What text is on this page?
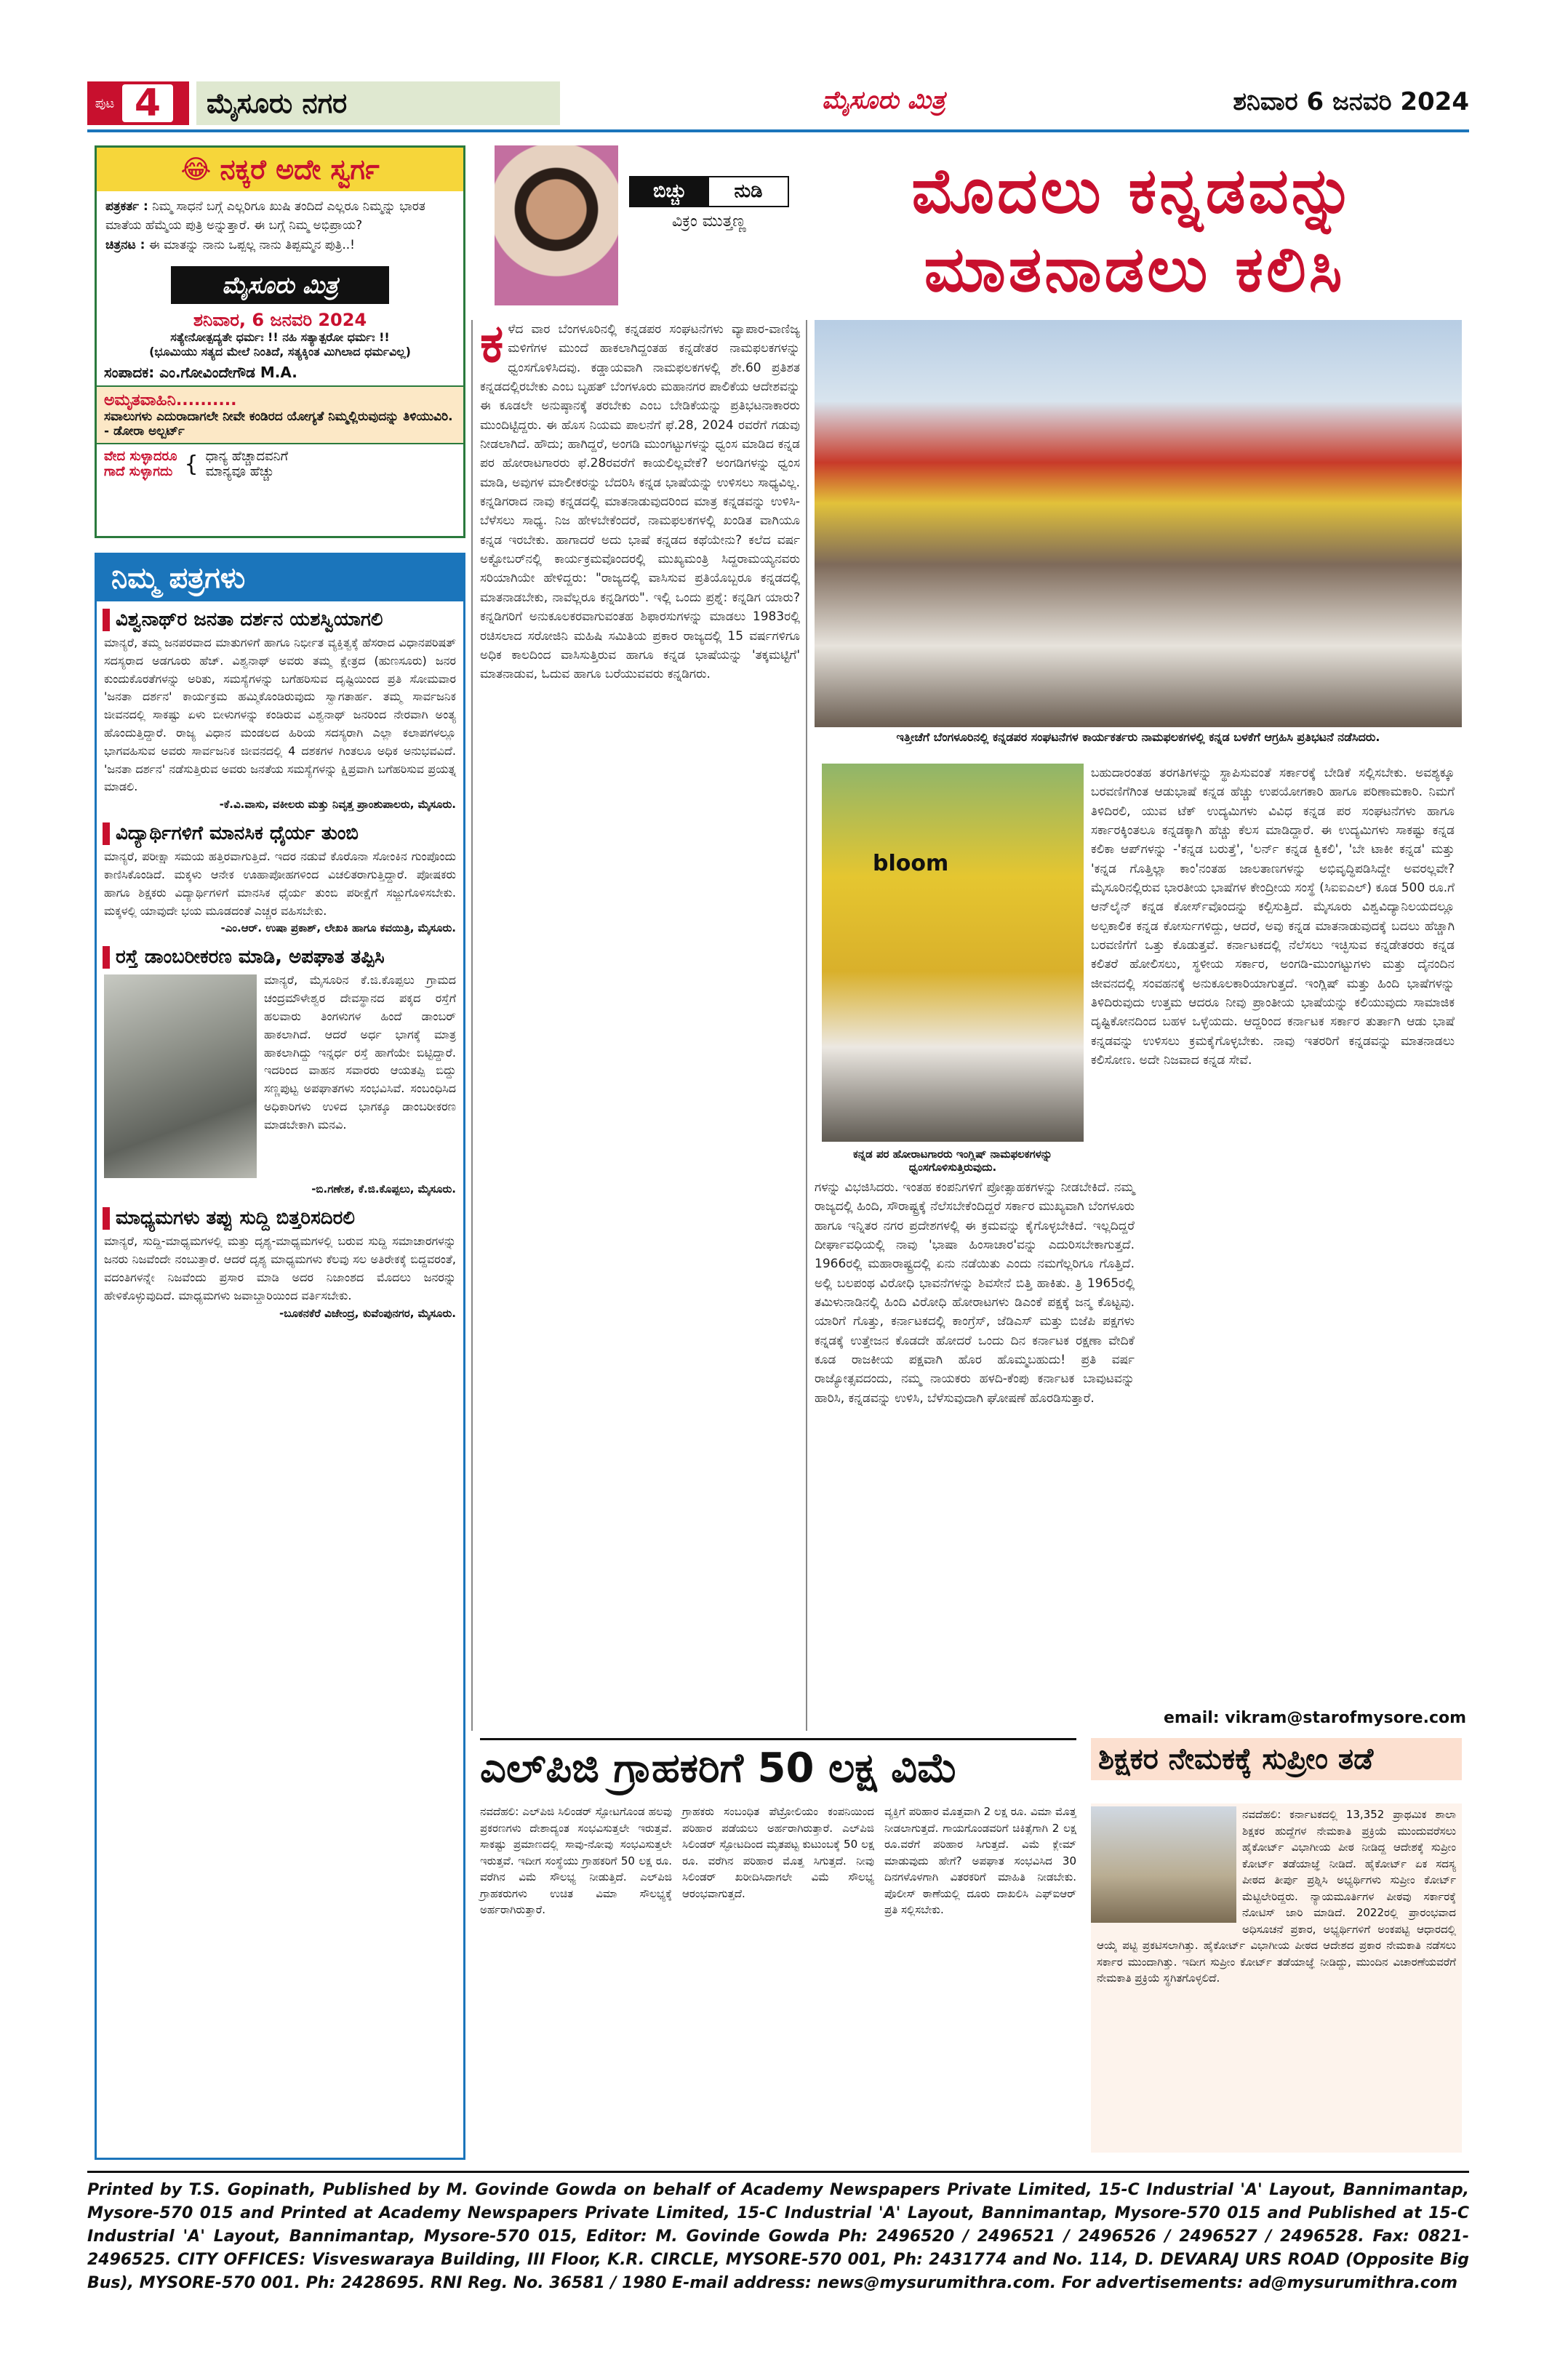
ಪುಟ 4	ಮೈಸೂರು ನಗರ	ಮೈಸೂರು ಮಿತ್ರ	ಶನಿವಾರ 6 ಜನವರಿ 2024
😂 ನಕ್ಕರೆ ಅದೇ ಸ್ವರ್ಗ

ಪತ್ರಕರ್ತ : ನಿಮ್ಮ ಸಾಧನೆ ಬಗ್ಗೆ ಎಲ್ಲರಿಗೂ ಖುಷಿ ತಂದಿದೆ ಎಲ್ಲರೂ ನಿಮ್ಮನ್ನು ಭಾರತ ಮಾತೆಯ ಹೆಮ್ಮೆಯ ಪುತ್ರಿ ಅನ್ನುತ್ತಾರೆ. ಈ ಬಗ್ಗೆ ನಿಮ್ಮ ಅಭಿಪ್ರಾಯ?

ಚಿತ್ರನಟ : ಈ ಮಾತನ್ನು ನಾನು ಒಪ್ಪಲ್ಲ ನಾನು ತಿಪ್ಪಮ್ಮನ ಪುತ್ರಿ..!

ಮೈಸೂರು ಮಿತ್ರ
ಶನಿವಾರ, 6 ಜನವರಿ 2024
ಸತ್ಯೇನೋತ್ಪದ್ಯತೇ ಧರ್ಮಃ !! ನಹಿ ಸತ್ಯಾತ್ಪರೋ ಧರ್ಮಃ !!
(ಭೂಮಿಯು ಸತ್ಯದ ಮೇಲೆ ನಿಂತಿದೆ, ಸತ್ಯಕ್ಕಿಂತ ಮಿಗಿಲಾದ ಧರ್ಮವಿಲ್ಲ)
ಸಂಪಾದಕ: ಎಂ.ಗೋವಿಂದೇಗೌಡ M.A.
ಅಮೃತವಾಹಿನಿ..........
ಸವಾಲುಗಳು ಎದುರಾದಾಗಲೇ ನೀವೇ ಕಂಡಿರದ ಯೋಗ್ಯತೆ ನಿಮ್ಮಲ್ಲಿರುವುದನ್ನು ತಿಳಿಯುವಿರಿ. - ಡೋರಾ ಅಲ್ಬರ್ಟ್
ವೇದ ಸುಳ್ಳಾದರೂ
ಗಾದೆ ಸುಳ್ಳಾಗದು { ಧಾನ್ಯ ಹೆಚ್ಚಾದವನಿಗೆ
ಮಾನ್ಯವೂ ಹೆಚ್ಚು
ನಿಮ್ಮ ಪತ್ರಗಳು
ವಿಶ್ವನಾಥ್‌ರ ಜನತಾ ದರ್ಶನ ಯಶಸ್ವಿಯಾಗಲಿ
ಮಾನ್ಯರೆ, ತಮ್ಮ ಜನಪರವಾದ ಮಾತುಗಳಿಗೆ ಹಾಗೂ ನಿರ್ಭೀತ ವ್ಯಕ್ತಿತ್ವಕ್ಕೆ ಹೆಸರಾದ ವಿಧಾನಪರಿಷತ್ ಸದಸ್ಯರಾದ ಅಡಗೂರು ಹೆಚ್. ವಿಶ್ವನಾಥ್ ಅವರು ತಮ್ಮ ಕ್ಷೇತ್ರದ (ಹುಣಸೂರು) ಜನರ ಕುಂದುಕೊರತೆಗಳನ್ನು ಅರಿತು, ಸಮಸ್ಯೆಗಳನ್ನು ಬಗೆಹರಿಸುವ ದೃಷ್ಟಿಯಿಂದ ಪ್ರತಿ ಸೋಮವಾರ 'ಜನತಾ ದರ್ಶನ' ಕಾರ್ಯಕ್ರಮ ಹಮ್ಮಿಕೊಂಡಿರುವುದು ಸ್ವಾಗತಾರ್ಹ. ತಮ್ಮ ಸಾರ್ವಜನಿಕ ಜೀವನದಲ್ಲಿ ಸಾಕಷ್ಟು ಏಳು ಬೀಳುಗಳನ್ನು ಕಂಡಿರುವ ವಿಶ್ವನಾಥ್ ಜನರಿಂದ ನೇರವಾಗಿ ಅಂತ್ಯ ಹೊಂದುತ್ತಿದ್ದಾರೆ. ರಾಜ್ಯ ವಿಧಾನ ಮಂಡಲದ ಹಿರಿಯ ಸದಸ್ಯರಾಗಿ ಎಲ್ಲಾ ಕಲಾಪಗಳಲ್ಲೂ ಭಾಗವಹಿಸುವ ಅವರು ಸಾರ್ವಜನಿಕ ಜೀವನದಲ್ಲಿ 4 ದಶಕಗಳ ಗಿಂತಲೂ ಅಧಿಕ ಅನುಭವವಿದೆ. 'ಜನತಾ ದರ್ಶನ' ನಡೆಸುತ್ತಿರುವ ಅವರು ಜನತೆಯ ಸಮಸ್ಯೆಗಳನ್ನು ಕ್ಷಿಪ್ರವಾಗಿ ಬಗೆಹರಿಸುವ ಪ್ರಯತ್ನ ಮಾಡಲಿ.
-ಕೆ.ವಿ.ವಾಸು, ವಕೀಲರು ಮತ್ತು ನಿವೃತ್ತ ಪ್ರಾಂಶುಪಾಲರು, ಮೈಸೂರು.
ವಿದ್ಯಾರ್ಥಿಗಳಿಗೆ ಮಾನಸಿಕ ಧೈರ್ಯ ತುಂಬಿ
ಮಾನ್ಯರೆ, ಪರೀಕ್ಷಾ ಸಮಯ ಹತ್ತಿರವಾಗುತ್ತಿದೆ. ಇದರ ನಡುವೆ ಕೊರೊನಾ ಸೋಂಕಿನ ಗುಂಪೊಂದು ಕಾಣಿಸಿಕೊಂಡಿದೆ. ಮಕ್ಕಳು ಆನೇಕ ಊಹಾಪೋಹಗಳಿಂದ ವಿಚಲಿತರಾಗುತ್ತಿದ್ದಾರೆ. ಪೋಷಕರು ಹಾಗೂ ಶಿಕ್ಷಕರು ವಿದ್ಯಾರ್ಥಿಗಳಿಗೆ ಮಾನಸಿಕ ಧೈರ್ಯ ತುಂಬಿ ಪರೀಕ್ಷೆಗೆ ಸಜ್ಜುಗೊಳಿಸಬೇಕು. ಮಕ್ಕಳಲ್ಲಿ ಯಾವುದೇ ಭಯ ಮೂಡದಂತೆ ಎಚ್ಚರ ವಹಿಸಬೇಕು.
-ಎಂ.ಆರ್. ಉಷಾ ಪ್ರಕಾಶ್, ಲೇಖಕಿ ಹಾಗೂ ಕವಯಿತ್ರಿ, ಮೈಸೂರು.
ರಸ್ತೆ ಡಾಂಬರೀಕರಣ ಮಾಡಿ, ಅಪಘಾತ ತಪ್ಪಿಸಿ
ಮಾನ್ಯರೆ, ಮೈಸೂರಿನ ಕೆ.ಜಿ.ಕೊಪ್ಪಲು ಗ್ರಾಮದ ಚಂದ್ರಮೌಳೇಶ್ವರ ದೇವಸ್ಥಾನದ ಪಕ್ಕದ ರಸ್ತೆಗೆ ಹಲವಾರು ತಿಂಗಳುಗಳ ಹಿಂದೆ ಡಾಂಬರ್ ಹಾಕಲಾಗಿದೆ. ಆದರೆ ಅರ್ಧ ಭಾಗಕ್ಕೆ ಮಾತ್ರ ಹಾಕಲಾಗಿದ್ದು ಇನ್ನರ್ಧ ರಸ್ತೆ ಹಾಗೆಯೇ ಬಿಟ್ಟಿದ್ದಾರೆ. ಇದರಿಂದ ವಾಹನ ಸವಾರರು ಆಯತಪ್ಪಿ ಬಿದ್ದು ಸಣ್ಣಪುಟ್ಟ ಅಪಘಾತಗಳು ಸಂಭವಿಸಿವೆ. ಸಂಬಂಧಿಸಿದ ಅಧಿಕಾರಿಗಳು ಉಳಿದ ಭಾಗಕ್ಕೂ ಡಾಂಬರೀಕರಣ ಮಾಡಬೇಕಾಗಿ ಮನವಿ.
-ಬಿ.ಗಣೇಶ, ಕೆ.ಜಿ.ಕೊಪ್ಪಲು, ಮೈಸೂರು.
ಮಾಧ್ಯಮಗಳು ತಪ್ಪು ಸುದ್ದಿ ಬಿತ್ತರಿಸದಿರಲಿ
ಮಾನ್ಯರೆ, ಸುದ್ದಿ-ಮಾಧ್ಯಮಗಳಲ್ಲಿ ಮತ್ತು ದೃಶ್ಯ-ಮಾಧ್ಯಮಗಳಲ್ಲಿ ಬರುವ ಸುದ್ದಿ ಸಮಾಚಾರಗಳನ್ನು ಜನರು ನಿಜವೆಂದೇ ನಂಬುತ್ತಾರೆ. ಆದರೆ ದೃಶ್ಯ ಮಾಧ್ಯಮಗಳು ಕೆಲವು ಸಲ ಅತಿರೇಕಕ್ಕೆ ಬಿದ್ದವರಂತೆ, ವದಂತಿಗಳನ್ನೇ ನಿಜವೆಂದು ಪ್ರಸಾರ ಮಾಡಿ ಅದರ ನಿಜಾಂಶದ ಮೊದಲು ಜನರನ್ನು ಹೇಳಿಕೊಳ್ಳುವುದಿದೆ. ಮಾಧ್ಯಮಗಳು ಜವಾಬ್ದಾರಿಯಿಂದ ವರ್ತಿಸಬೇಕು.
-ಬೂಕನಕೆರೆ ವಿಜೇಂದ್ರ, ಕುವೆಂಪುನಗರ, ಮೈಸೂರು.
ಬಿಚ್ಚು	ನುಡಿ
ವಿಕ್ರಂ ಮುತ್ತಣ್ಣ	ಮೊದಲು ಕನ್ನಡವನ್ನು ಮಾತನಾಡಲು ಕಲಿಸಿ
ಇತ್ತೀಚೆಗೆ ಬೆಂಗಳೂರಿನಲ್ಲಿ ಕನ್ನಡಪರ ಸಂಘಟನೆಗಳ ಕಾರ್ಯಕರ್ತರು ನಾಮಫಲಕಗಳಲ್ಲಿ ಕನ್ನಡ ಬಳಕೆಗೆ ಆಗ್ರಹಿಸಿ ಪ್ರತಿಭಟನೆ ನಡೆಸಿದರು.
bloom
ಕನ್ನಡ ಪರ ಹೋರಾಟಗಾರರು ಇಂಗ್ಲಿಷ್ ನಾಮಫಲಕಗಳನ್ನು ಧ್ವಂಸಗೊಳಿಸುತ್ತಿರುವುದು.
ಕ ಳೆದ ವಾರ ಬೆಂಗಳೂರಿನಲ್ಲಿ ಕನ್ನಡಪರ ಸಂಘಟನೆಗಳು ವ್ಯಾಪಾರ-ವಾಣಿಜ್ಯ ಮಳಿಗೆಗಳ ಮುಂದೆ ಹಾಕಲಾಗಿದ್ದಂತಹ ಕನ್ನಡೇತರ ನಾಮಫಲಕಗಳನ್ನು ಧ್ವಂಸಗೊಳಿಸಿದವು. ಕಡ್ಡಾಯವಾಗಿ ನಾಮಫಲಕಗಳಲ್ಲಿ ಶೇ.60 ಪ್ರತಿಶತ ಕನ್ನಡದಲ್ಲಿರಬೇಕು ಎಂಬ ಬೃಹತ್ ಬೆಂಗಳೂರು ಮಹಾನಗರ ಪಾಲಿಕೆಯ ಆದೇಶವನ್ನು ಈ ಕೂಡಲೇ ಅನುಷ್ಠಾನಕ್ಕೆ ತರಬೇಕು ಎಂಬ ಬೇಡಿಕೆಯನ್ನು ಪ್ರತಿಭಟನಾಕಾರರು ಮುಂದಿಟ್ಟಿದ್ದರು. ಈ ಹೊಸ ನಿಯಮ ಪಾಲನೆಗೆ ಫೆ.28, 2024 ರವರೆಗೆ ಗಡುವು ನೀಡಲಾಗಿದೆ. ಹೌದು; ಹಾಗಿದ್ದರೆ, ಅಂಗಡಿ ಮುಂಗಟ್ಟುಗಳನ್ನು ಧ್ವಂಸ ಮಾಡಿದ ಕನ್ನಡ ಪರ ಹೋರಾಟಗಾರರು ಫೆ.28ರವರೆಗೆ ಕಾಯಲಿಲ್ಲವೇಕೆ? ಅಂಗಡಿಗಳನ್ನು ಧ್ವಂಸ ಮಾಡಿ, ಅವುಗಳ ಮಾಲೀಕರನ್ನು ಬೆದರಿಸಿ ಕನ್ನಡ ಭಾಷೆಯನ್ನು ಉಳಿಸಲು ಸಾಧ್ಯವಿಲ್ಲ. ಕನ್ನಡಿಗರಾದ ನಾವು ಕನ್ನಡದಲ್ಲಿ ಮಾತನಾಡುವುದರಿಂದ ಮಾತ್ರ ಕನ್ನಡವನ್ನು ಉಳಿಸಿ-ಬೆಳೆಸಲು ಸಾಧ್ಯ. ನಿಜ ಹೇಳಬೇಕೆಂದರೆ, ನಾಮಫಲಕಗಳಲ್ಲಿ ಖಂಡಿತ ವಾಗಿಯೂ ಕನ್ನಡ ಇರಬೇಕು. ಹಾಗಾದರೆ ಅದು ಭಾಷೆ ಕನ್ನಡದ ಕಥೆಯೇನು? ಕಲೆದ ವರ್ಷ ಅಕ್ಟೋಬರ್‌ನಲ್ಲಿ ಕಾರ್ಯಕ್ರಮವೊಂದರಲ್ಲಿ ಮುಖ್ಯಮಂತ್ರಿ ಸಿದ್ದರಾಮಯ್ಯನವರು ಸರಿಯಾಗಿಯೇ ಹೇಳಿದ್ದರು: "ರಾಜ್ಯದಲ್ಲಿ ವಾಸಿಸುವ ಪ್ರತಿಯೊಬ್ಬರೂ ಕನ್ನಡದಲ್ಲಿ ಮಾತನಾಡಬೇಕು, ನಾವೆಲ್ಲರೂ ಕನ್ನಡಿಗರು". ಇಲ್ಲಿ ಒಂದು ಪ್ರಶ್ನೆ: ಕನ್ನಡಿಗ ಯಾರು? ಕನ್ನಡಿಗರಿಗೆ ಅನುಕೂಲಕರವಾಗುವಂತಹ ಶಿಫಾರಸುಗಳನ್ನು ಮಾಡಲು 1983ರಲ್ಲಿ ರಚಿಸಲಾದ ಸರೋಜಿನಿ ಮಹಿಷಿ ಸಮಿತಿಯ ಪ್ರಕಾರ ರಾಜ್ಯದಲ್ಲಿ 15 ವರ್ಷಗಳಿಗೂ ಅಧಿಕ ಕಾಲದಿಂದ ವಾಸಿಸುತ್ತಿರುವ ಹಾಗೂ ಕನ್ನಡ ಭಾಷೆಯನ್ನು 'ತಕ್ಕಮಟ್ಟಿಗೆ' ಮಾತನಾಡುವ, ಓದುವ ಹಾಗೂ ಬರೆಯುವವರು ಕನ್ನಡಿಗರು.
ಗಳನ್ನು ವಿಭಜಿಸಿದರು. ಇಂತಹ ಕಂಪನಿಗಳಿಗೆ ಪ್ರೋತ್ಸಾಹಕಗಳನ್ನು ನೀಡಬೇಕಿದೆ. ನಮ್ಮ ರಾಜ್ಯದಲ್ಲಿ ಹಿಂದಿ, ಸೌರಾಷ್ಟ್ರಕ್ಕೆ ನೆಲೆಸಬೇಕೆಂದಿದ್ದರೆ ಸರ್ಕಾರ ಮುಖ್ಯವಾಗಿ ಬೆಂಗಳೂರು ಹಾಗೂ ಇನ್ನಿತರ ನಗರ ಪ್ರದೇಶಗಳಲ್ಲಿ ಈ ಕ್ರಮವನ್ನು ಕೈಗೊಳ್ಳಬೇಕಿದೆ. ಇಲ್ಲದಿದ್ದರೆ ದೀರ್ಘಾವಧಿಯಲ್ಲಿ ನಾವು 'ಭಾಷಾ ಹಿಂಸಾಚಾರ'ವನ್ನು ಎದುರಿಸಬೇಕಾಗುತ್ತದೆ. 1966ರಲ್ಲಿ ಮಹಾರಾಷ್ಟ್ರದಲ್ಲಿ ಏನು ನಡೆಯಿತು ಎಂದು ನಮಗೆಲ್ಲರಿಗೂ ಗೊತ್ತಿದೆ. ಅಲ್ಲಿ ಬಲಪಂಥ ವಿರೋಧಿ ಭಾವನೆಗಳನ್ನು ಶಿವಸೇನೆ ಬಿತ್ತಿ ಹಾಕಿತು. ತ್ರಿ 1965ರಲ್ಲಿ ತಮಿಳುನಾಡಿನಲ್ಲಿ ಹಿಂದಿ ವಿರೋಧಿ ಹೋರಾಟಗಳು ಡಿಎಂಕೆ ಪಕ್ಷಕ್ಕೆ ಜನ್ಮ ಕೊಟ್ಟವು. ಯಾರಿಗೆ ಗೊತ್ತು, ಕರ್ನಾಟಕದಲ್ಲಿ ಕಾಂಗ್ರೆಸ್, ಜೆಡಿಎಸ್ ಮತ್ತು ಬಿಜೆಪಿ ಪಕ್ಷಗಳು ಕನ್ನಡಕ್ಕೆ ಉತ್ತೇಜನ ಕೊಡದೇ ಹೋದರೆ ಒಂದು ದಿನ ಕರ್ನಾಟಕ ರಕ್ಷಣಾ ವೇದಿಕೆ ಕೂಡ ರಾಜಕೀಯ ಪಕ್ಷವಾಗಿ ಹೊರ ಹೊಮ್ಮಬಹುದು! ಪ್ರತಿ ವರ್ಷ ರಾಜ್ಯೋತ್ಸವದಂದು, ನಮ್ಮ ನಾಯಕರು ಹಳದಿ-ಕೆಂಪು ಕರ್ನಾಟಕ ಬಾವುಟವನ್ನು ಹಾರಿಸಿ, ಕನ್ನಡವನ್ನು ಉಳಿಸಿ, ಬೆಳೆಸುವುದಾಗಿ ಘೋಷಣೆ ಹೊರಡಿಸುತ್ತಾರೆ.
ಬಹುದಾರಂತಹ ತರಗತಿಗಳನ್ನು ಸ್ಥಾಪಿಸುವಂತೆ ಸರ್ಕಾರಕ್ಕೆ ಬೇಡಿಕೆ ಸಲ್ಲಿಸಬೇಕು. ಅವಶ್ಯಕ್ಕೂ ಬರವಣಿಗೆಗಿಂತ ಆಡುಭಾಷೆ ಕನ್ನಡ ಹೆಚ್ಚು ಉಪಯೋಗಕಾರಿ ಹಾಗೂ ಪರಿಣಾಮಕಾರಿ. ನಿಮಗೆ ತಿಳಿದಿರಲಿ, ಯುವ ಟೆಕ್ ಉದ್ಯಮಿಗಳು ವಿವಿಧ ಕನ್ನಡ ಪರ ಸಂಘಟನೆಗಳು ಹಾಗೂ ಸರ್ಕಾರಕ್ಕಿಂತಲೂ ಕನ್ನಡಕ್ಕಾಗಿ ಹೆಚ್ಚು ಕೆಲಸ ಮಾಡಿದ್ದಾರೆ. ಈ ಉದ್ಯಮಿಗಳು ಸಾಕಷ್ಟು ಕನ್ನಡ ಕಲಿಕಾ ಆಪ್‌ಗಳನ್ನು -'ಕನ್ನಡ ಬರುತ್ತೆ', 'ಲರ್ನ್ ಕನ್ನಡ ಕ್ವಿಕಲಿ', 'ಬೇ ಟಾಕೀ ಕನ್ನಡ' ಮತ್ತು 'ಕನ್ನಡ ಗೊತ್ತಿಲ್ಲಾ ಕಾಂ'ನಂತಹ ಜಾಲತಾಣಗಳನ್ನು ಅಭಿವೃದ್ಧಿಪಡಿಸಿದ್ದೇ ಅವರಲ್ಲವೇ? ಮೈಸೂರಿನಲ್ಲಿರುವ ಭಾರತೀಯ ಭಾಷೆಗಳ ಕೇಂದ್ರೀಯ ಸಂಸ್ಥೆ (ಸಿಐಐಎಲ್) ಕೂಡ 500 ರೂ.ಗೆ ಆನ್‌ಲೈನ್ ಕನ್ನಡ ಕೋರ್ಸ್‌ವೊಂದನ್ನು ಕಲ್ಪಿಸುತ್ತಿದೆ. ಮೈಸೂರು ವಿಶ್ವವಿದ್ಯಾನಿಲಯದಲ್ಲೂ ಅಲ್ಪಕಾಲಿಕ ಕನ್ನಡ ಕೋರ್ಸುಗಳಿದ್ದು, ಆದರೆ, ಅವು ಕನ್ನಡ ಮಾತನಾಡುವುದಕ್ಕೆ ಬದಲು ಹೆಚ್ಚಾಗಿ ಬರವಣಿಗೆಗೆ ಒತ್ತು ಕೊಡುತ್ತವೆ. ಕರ್ನಾಟಕದಲ್ಲಿ ನೆಲೆಸಲು ಇಚ್ಛಿಸುವ ಕನ್ನಡೇತರರು ಕನ್ನಡ ಕಲಿತರೆ ಹೋಲಿಸಲು, ಸ್ಥಳೀಯ ಸರ್ಕಾರ, ಅಂಗಡಿ-ಮುಂಗಟ್ಟುಗಳು ಮತ್ತು ದೈನಂದಿನ ಜೀವನದಲ್ಲಿ ಸಂವಹನಕ್ಕೆ ಅನುಕೂಲಕಾರಿಯಾಗುತ್ತದೆ. ಇಂಗ್ಲಿಷ್ ಮತ್ತು ಹಿಂದಿ ಭಾಷೆಗಳನ್ನು ತಿಳಿದಿರುವುದು ಉತ್ತಮ ಆದರೂ ನೀವು ಪ್ರಾಂತೀಯ ಭಾಷೆಯನ್ನು ಕಲಿಯುವುದು ಸಾಮಾಜಿಕ ದೃಷ್ಟಿಕೋನದಿಂದ ಬಹಳ ಒಳ್ಳೆಯದು. ಆದ್ದರಿಂದ ಕರ್ನಾಟಕ ಸರ್ಕಾರ ತುರ್ತಾಗಿ ಆಡು ಭಾಷೆ ಕನ್ನಡವನ್ನು ಉಳಿಸಲು ಕ್ರಮಕೈಗೊಳ್ಳಬೇಕು. ನಾವು ಇತರರಿಗೆ ಕನ್ನಡವನ್ನು ಮಾತನಾಡಲು ಕಲಿಸೋಣ. ಅದೇ ನಿಜವಾದ ಕನ್ನಡ ಸೇವೆ.
email: vikram@starofmysore.com
ಎಲ್‌ಪಿಜಿ ಗ್ರಾಹಕರಿಗೆ 50 ಲಕ್ಷ ವಿಮೆ
ನವದೆಹಲಿ: ಎಲ್‌ಪಿಜಿ ಸಿಲಿಂಡರ್ ಸ್ಫೋಟಗೊಂಡ ಹಲವು ಪ್ರಕರಣಗಳು ದೇಶಾದ್ಯಂತ ಸಂಭವಿಸುತ್ತಲೇ ಇರುತ್ತವೆ. ಸಾಕಷ್ಟು ಪ್ರಮಾಣದಲ್ಲಿ ಸಾವು-ನೋವು ಸಂಭವಿಸುತ್ತಲೇ ಇರುತ್ತವೆ. ಇದೀಗ ಸಂಸ್ಥೆಯು ಗ್ರಾಹಕರಿಗೆ 50 ಲಕ್ಷ ರೂ. ವರೆಗಿನ ವಿಮೆ ಸೌಲಭ್ಯ ನೀಡುತ್ತಿದೆ. ಎಲ್‌ಪಿಜಿ ಗ್ರಾಹಕರುಗಳು ಉಚಿತ ವಿಮಾ ಸೌಲಭ್ಯಕ್ಕೆ ಅರ್ಹರಾಗಿರುತ್ತಾರೆ.
ಗ್ರಾಹಕರು ಸಂಬಂಧಿತ ಪೆಟ್ರೋಲಿಯಂ ಕಂಪನಿಯಿಂದ ಪರಿಹಾರ ಪಡೆಯಲು ಅರ್ಹರಾಗಿರುತ್ತಾರೆ. ಎಲ್‌ಪಿಜಿ ಸಿಲಿಂಡರ್ ಸ್ಫೋಟದಿಂದ ಮೃತಪಟ್ಟ ಕುಟುಂಬಕ್ಕೆ 50 ಲಕ್ಷ ರೂ. ವರೆಗಿನ ಪರಿಹಾರ ಮೊತ್ತ ಸಿಗುತ್ತದೆ. ನೀವು ಸಿಲಿಂಡರ್ ಖರೀದಿಸಿದಾಗಲೇ ವಿಮೆ ಸೌಲಭ್ಯ ಆರಂಭವಾಗುತ್ತದೆ.
ವ್ಯಕ್ತಿಗೆ ಪರಿಹಾರ ಮೊತ್ತವಾಗಿ 2 ಲಕ್ಷ ರೂ. ವಿಮಾ ಮೊತ್ತ ನೀಡಲಾಗುತ್ತದೆ. ಗಾಯಗೊಂಡವರಿಗೆ ಚಿಕಿತ್ಸೆಗಾಗಿ 2 ಲಕ್ಷ ರೂ.ವರೆಗೆ ಪರಿಹಾರ ಸಿಗುತ್ತದೆ. ವಿಮೆ ಕ್ಲೇಮ್ ಮಾಡುವುದು ಹೇಗೆ? ಅಪಘಾತ ಸಂಭವಿಸಿದ 30 ದಿನಗಳೊಳಗಾಗಿ ವಿತರಕರಿಗೆ ಮಾಹಿತಿ ನೀಡಬೇಕು. ಪೊಲೀಸ್ ಠಾಣೆಯಲ್ಲಿ ದೂರು ದಾಖಲಿಸಿ ಎಫ್‌ಐಆರ್ ಪ್ರತಿ ಸಲ್ಲಿಸಬೇಕು.
ಶಿಕ್ಷಕರ ನೇಮಕಕ್ಕೆ ಸುಪ್ರೀಂ ತಡೆ
ನವದೆಹಲಿ: ಕರ್ನಾಟಕದಲ್ಲಿ 13,352 ಪ್ರಾಥಮಿಕ ಶಾಲಾ ಶಿಕ್ಷಕರ ಹುದ್ದೆಗಳ ನೇಮಕಾತಿ ಪ್ರಕ್ರಿಯೆ ಮುಂದುವರೆಸಲು ಹೈಕೋರ್ಟ್ ವಿಭಾಗೀಯ ಪೀಠ ನೀಡಿದ್ದ ಆದೇಶಕ್ಕೆ ಸುಪ್ರೀಂ ಕೋರ್ಟ್ ತಡೆಯಾಜ್ಞೆ ನೀಡಿದೆ. ಹೈಕೋರ್ಟ್ ಏಕ ಸದಸ್ಯ ಪೀಠದ ತೀರ್ಪು ಪ್ರಶ್ನಿಸಿ ಅಭ್ಯರ್ಥಿಗಳು ಸುಪ್ರೀಂ ಕೋರ್ಟ್ ಮೆಟ್ಟಿಲೇರಿದ್ದರು. ನ್ಯಾಯಮೂರ್ತಿಗಳ ಪೀಠವು ಸರ್ಕಾರಕ್ಕೆ ನೋಟಿಸ್ ಜಾರಿ ಮಾಡಿದೆ. 2022ರಲ್ಲಿ ಪ್ರಾರಂಭವಾದ ಅಧಿಸೂಚನೆ ಪ್ರಕಾರ, ಅಭ್ಯರ್ಥಿಗಳಿಗೆ ಅಂಕಪಟ್ಟಿ ಆಧಾರದಲ್ಲಿ ಆಯ್ಕೆ ಪಟ್ಟಿ ಪ್ರಕಟಿಸಲಾಗಿತ್ತು. ಹೈಕೋರ್ಟ್ ವಿಭಾಗೀಯ ಪೀಠದ ಆದೇಶದ ಪ್ರಕಾರ ನೇಮಕಾತಿ ನಡೆಸಲು ಸರ್ಕಾರ ಮುಂದಾಗಿತ್ತು. ಇದೀಗ ಸುಪ್ರೀಂ ಕೋರ್ಟ್ ತಡೆಯಾಜ್ಞೆ ನೀಡಿದ್ದು, ಮುಂದಿನ ವಿಚಾರಣೆಯವರೆಗೆ ನೇಮಕಾತಿ ಪ್ರಕ್ರಿಯೆ ಸ್ಥಗಿತಗೊಳ್ಳಲಿದೆ.
Printed by T.S. Gopinath, Published by M. Govinde Gowda on behalf of Academy Newspapers Private Limited, 15-C Industrial 'A' Layout, Bannimantap, Mysore-570 015 and Printed at Academy Newspapers Private Limited, 15-C Industrial 'A' Layout, Bannimantap, Mysore-570 015 and Published at 15-C Industrial 'A' Layout, Bannimantap, Mysore-570 015, Editor: M. Govinde Gowda Ph: 2496520 / 2496521 / 2496526 / 2496527 / 2496528. Fax: 0821-2496525. CITY OFFICES: Visveswaraya Building, III Floor, K.R. CIRCLE, MYSORE-570 001, Ph: 2431774 and No. 114, D. DEVARAJ URS ROAD (Opposite Big Bus), MYSORE-570 001. Ph: 2428695. RNI Reg. No. 36581 / 1980 E-mail address: news@mysurumithra.com. For advertisements: ad@mysurumithra.com
